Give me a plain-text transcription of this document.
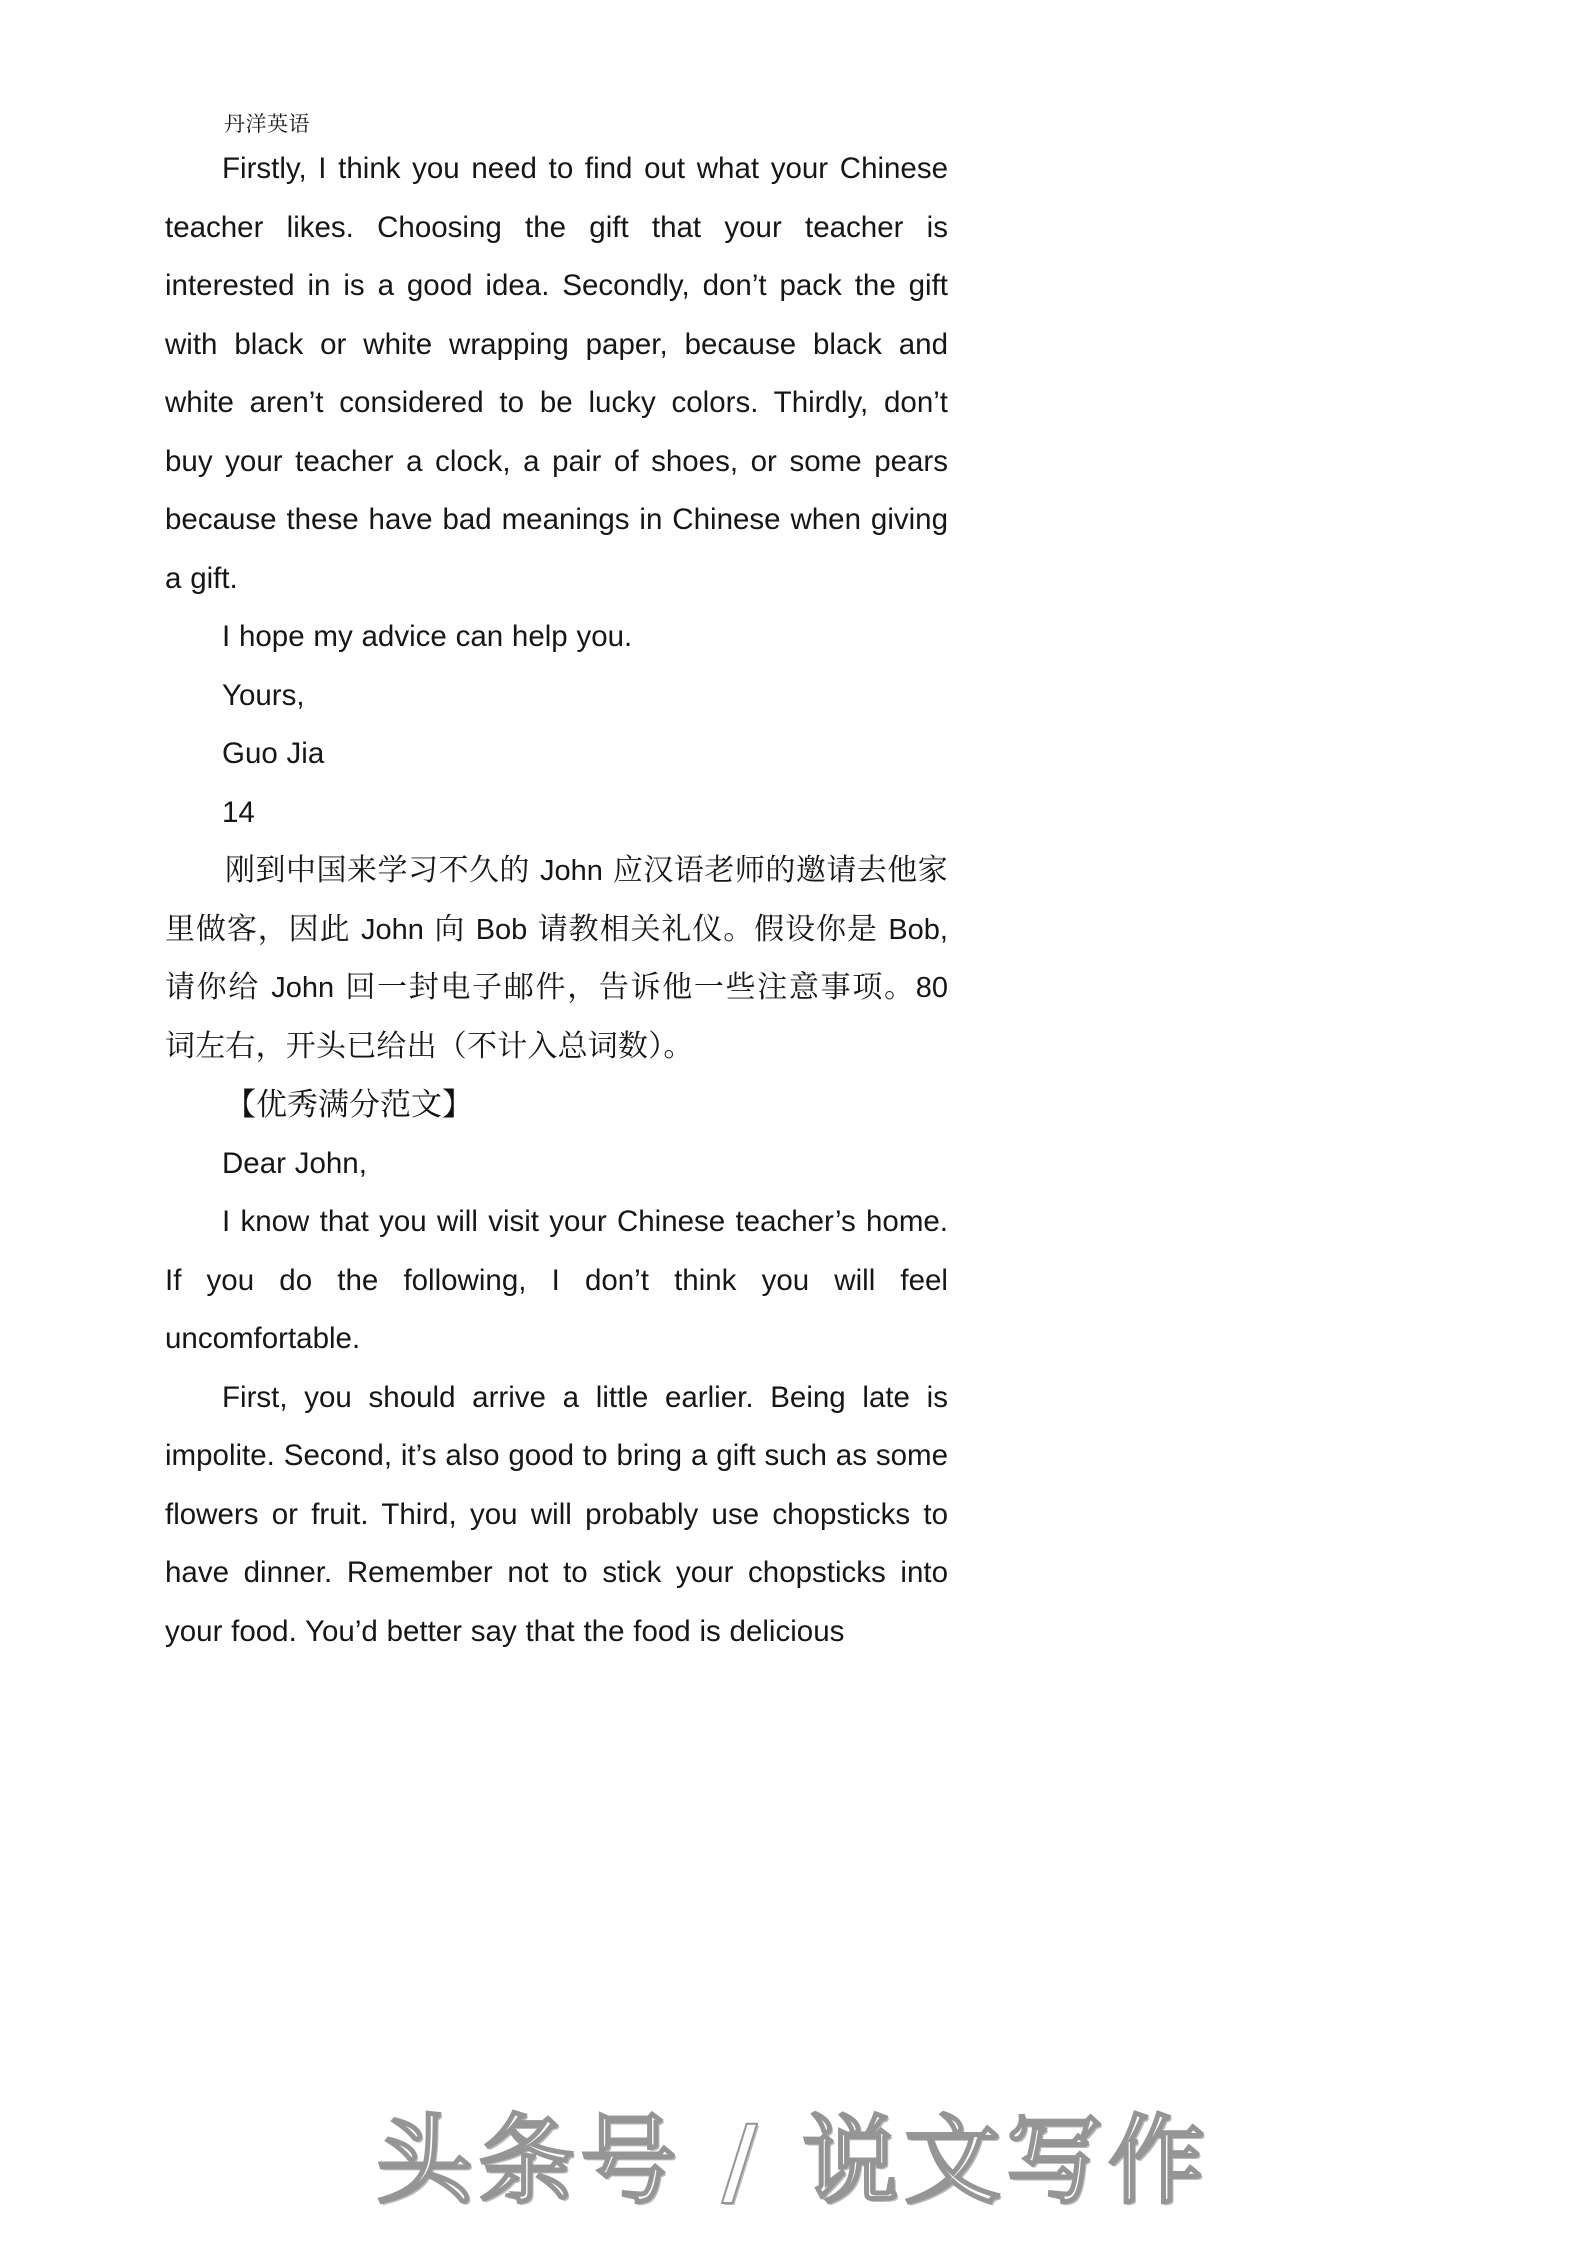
丹洋英语

Firstly, I think you need to find out what your Chinese teacher likes. Choosing the gift that your teacher is interested in is a good idea. Secondly, don’t pack the gift with black or white wrapping paper, because black and white aren’t considered to be lucky colors. Thirdly, don’t buy your teacher a clock, a pair of shoes, or some pears because these have bad meanings in Chinese when giving a gift.

I hope my advice can help you.

Yours,

Guo Jia

14

刚到中国来学习不久的 John 应汉语老师的邀请去他家里做客，因此 John 向 Bob 请教相关礼仪。假设你是 Bob,请你给 John 回一封电子邮件，告诉他一些注意事项。80 词左右，开头已给出（不计入总词数）。

【优秀满分范文】

Dear John,

I know that you will visit your Chinese teacher’s home. If you do the following, I don’t think you will feel uncomfortable.

First, you should arrive a little earlier. Being late is impolite. Second, it’s also good to bring a gift such as some flowers or fruit. Third, you will probably use chopsticks to have dinner. Remember not to stick your chopsticks into your food. You’d better say that the food is delicious

头条号 / 说文写作
